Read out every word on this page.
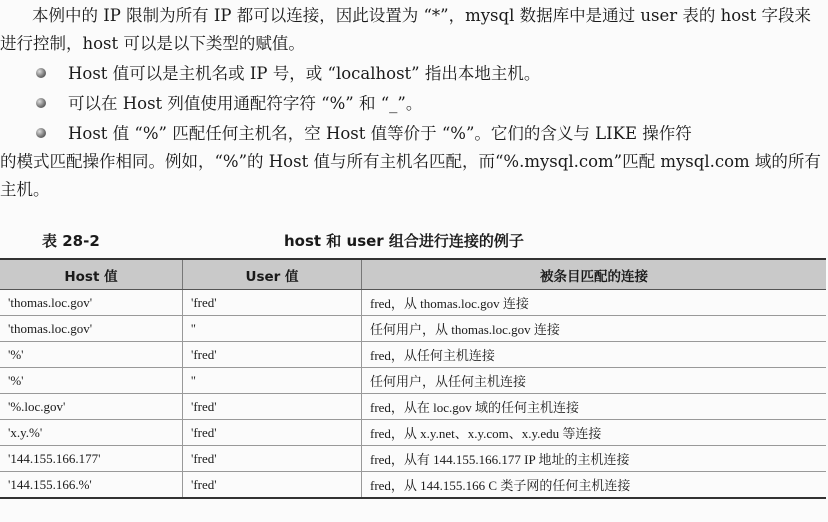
本例中的 IP 限制为所有 IP 都可以连接，因此设置为 “*”，mysql 数据库中是通过 user 表的 host 字段来进行控制，host 可以是以下类型的赋值。

Host 值可以是主机名或 IP 号，或 “localhost” 指出本地主机。
可以在 Host 列值使用通配符字符 “%” 和 “_”。
Host 值 “%” 匹配任何主机名，空 Host 值等价于 “%”。它们的含义与 LIKE 操作符

的模式匹配操作相同。例如，“%”的 Host 值与所有主机名匹配，而“%.mysql.com”匹配 mysql.com 域的所有主机。

表 28-2	host 和 user 组合进行连接的例子
Host 值	User 值	被条目匹配的连接
'thomas.loc.gov'	'fred'	fred，从 thomas.loc.gov 连接
'thomas.loc.gov'	''	任何用户，从 thomas.loc.gov 连接
'%'	'fred'	fred，从任何主机连接
'%'	''	任何用户，从任何主机连接
'%.loc.gov'	'fred'	fred，从在 loc.gov 域的任何主机连接
'x.y.%'	'fred'	fred，从 x.y.net、x.y.com、x.y.edu 等连接
'144.155.166.177'	'fred'	fred，从有 144.155.166.177 IP 地址的主机连接
'144.155.166.%'	'fred'	fred，从 144.155.166 C 类子网的任何主机连接
